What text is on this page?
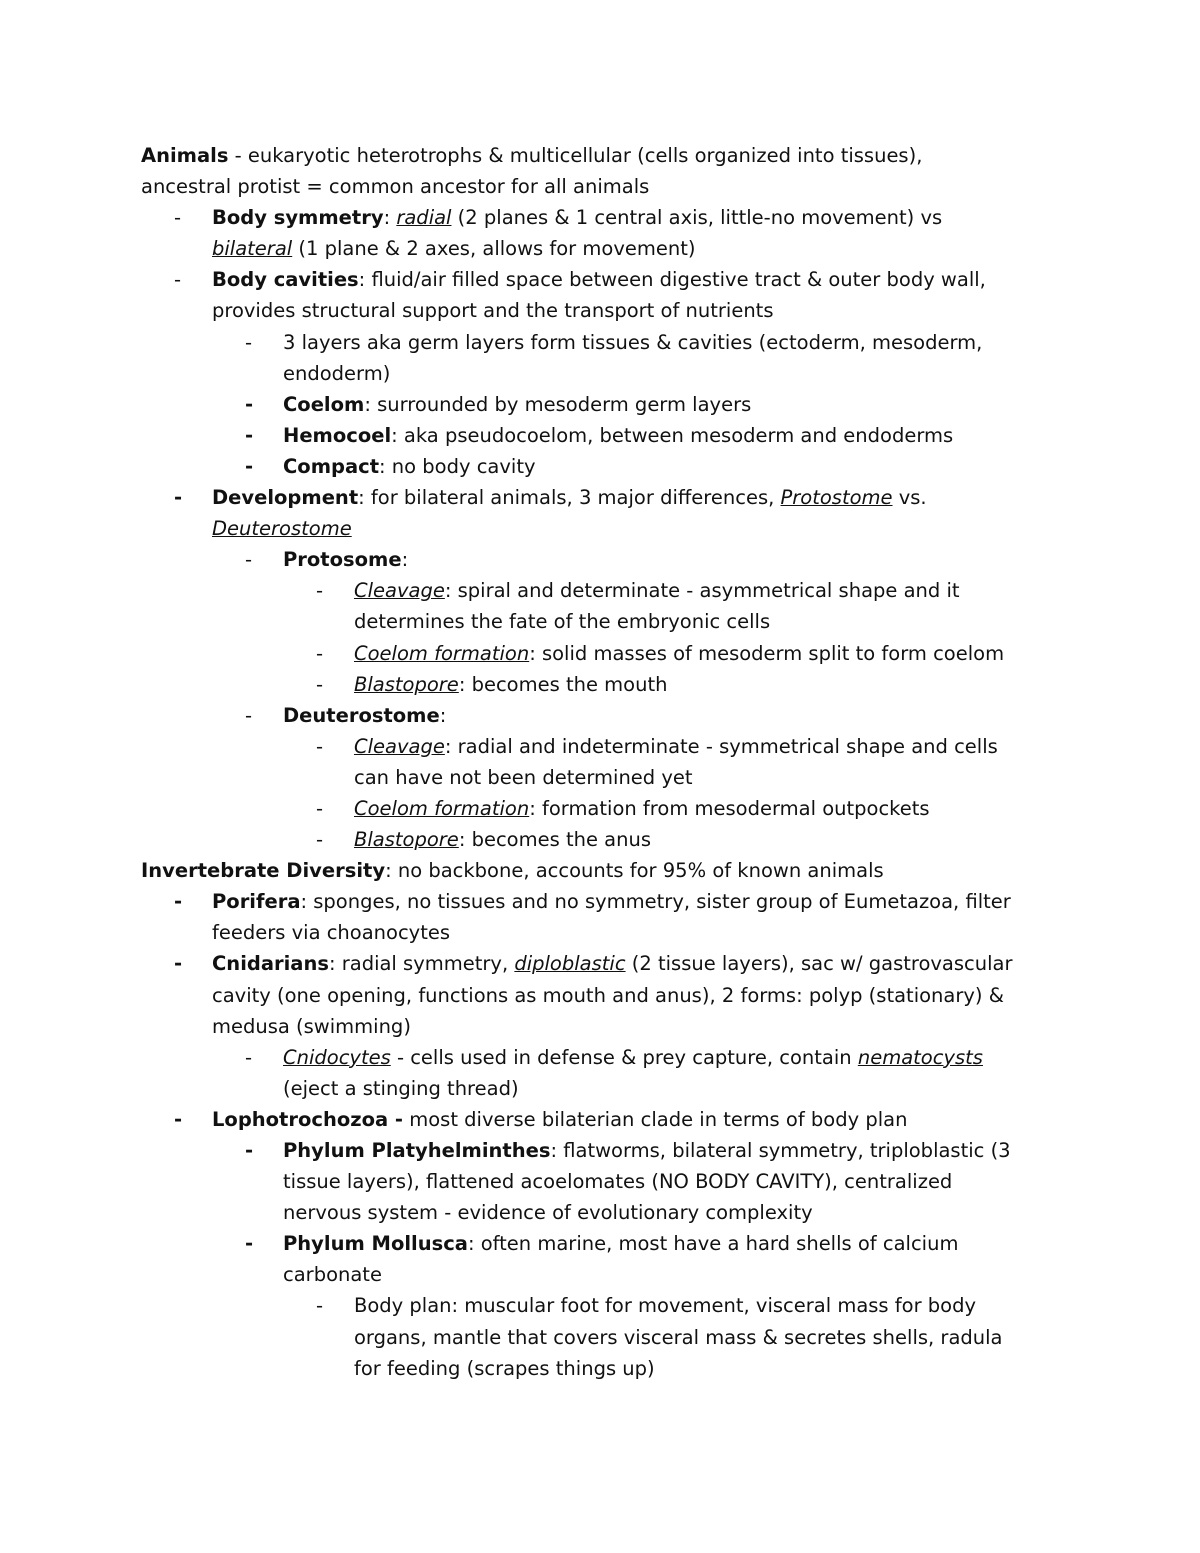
Animals - eukaryotic heterotrophs & multicellular (cells organized into tissues),
ancestral protist = common ancestor for all animals
- Body symmetry: radial (2 planes & 1 central axis, little-no movement) vs
bilateral (1 plane & 2 axes, allows for movement)
- Body cavities: fluid/air filled space between digestive tract & outer body wall,
provides structural support and the transport of nutrients
- 3 layers aka germ layers form tissues & cavities (ectoderm, mesoderm,
endoderm)
- Coelom: surrounded by mesoderm germ layers
- Hemocoel: aka pseudocoelom, between mesoderm and endoderms
- Compact: no body cavity
- Development: for bilateral animals, 3 major differences, Protostome vs.
Deuterostome
- Protosome:
- Cleavage: spiral and determinate - asymmetrical shape and it
determines the fate of the embryonic cells
- Coelom formation: solid masses of mesoderm split to form coelom
- Blastopore: becomes the mouth
- Deuterostome:
- Cleavage: radial and indeterminate - symmetrical shape and cells
can have not been determined yet
- Coelom formation: formation from mesodermal outpockets
- Blastopore: becomes the anus
Invertebrate Diversity: no backbone, accounts for 95% of known animals
- Porifera: sponges, no tissues and no symmetry, sister group of Eumetazoa, filter
feeders via choanocytes
- Cnidarians: radial symmetry, diploblastic (2 tissue layers), sac w/ gastrovascular
cavity (one opening, functions as mouth and anus), 2 forms: polyp (stationary) &
medusa (swimming)
- Cnidocytes - cells used in defense & prey capture, contain nematocysts
(eject a stinging thread)
- Lophotrochozoa - most diverse bilaterian clade in terms of body plan
- Phylum Platyhelminthes: flatworms, bilateral symmetry, triploblastic (3
tissue layers), flattened acoelomates (NO BODY CAVITY), centralized
nervous system - evidence of evolutionary complexity
- Phylum Mollusca: often marine, most have a hard shells of calcium
carbonate
- Body plan: muscular foot for movement, visceral mass for body
organs, mantle that covers visceral mass & secretes shells, radula
for feeding (scrapes things up)
